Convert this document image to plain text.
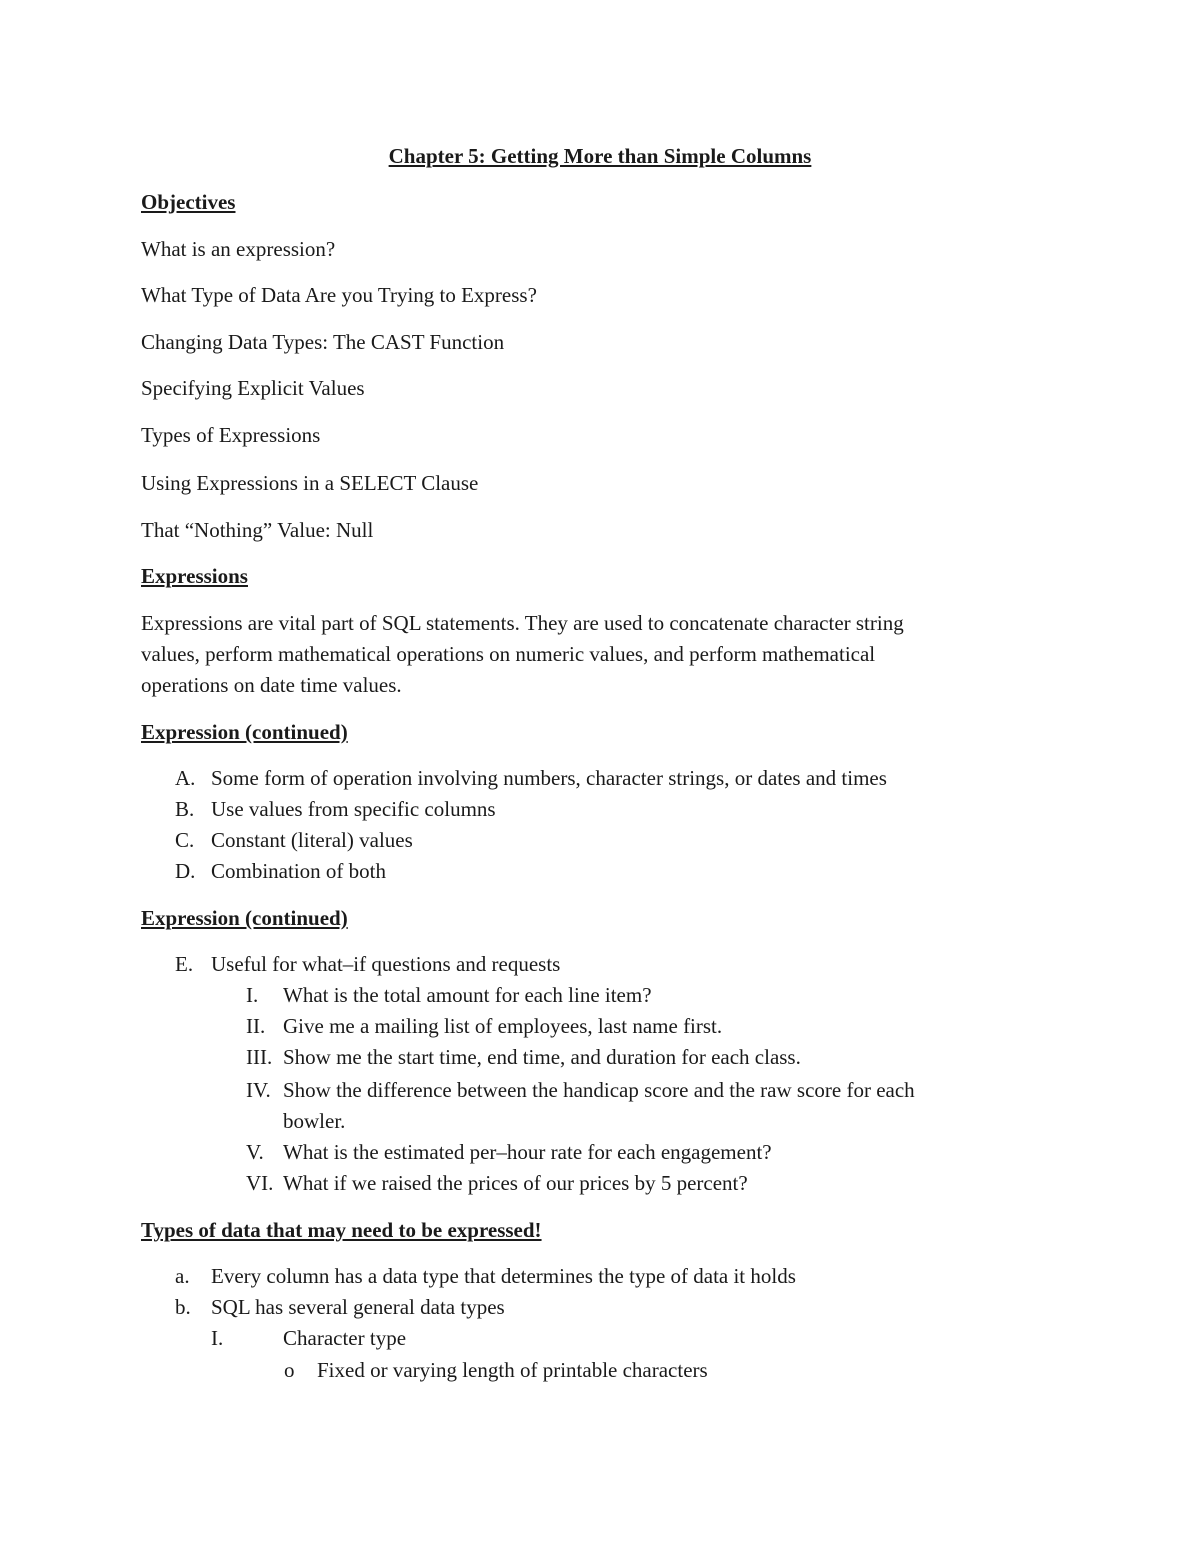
Chapter 5: Getting More than Simple Columns
Objectives
What is an expression?
What Type of Data Are you Trying to Express?
Changing Data Types: The CAST Function
Specifying Explicit Values
Types of Expressions
Using Expressions in a SELECT Clause
That “Nothing” Value: Null
Expressions
Expressions are vital part of SQL statements. They are used to concatenate character string
values, perform mathematical operations on numeric values, and perform mathematical
operations on date time values.
Expression (continued)
A. Some form of operation involving numbers, character strings, or dates and times
B. Use values from specific columns
C. Constant (literal) values
D. Combination of both
Expression (continued)
E. Useful for what–if questions and requests
I. What is the total amount for each line item?
II. Give me a mailing list of employees, last name first.
III. Show me the start time, end time, and duration for each class.
IV. Show the difference between the handicap score and the raw score for each
bowler.
V. What is the estimated per–hour rate for each engagement?
VI. What if we raised the prices of our prices by 5 percent?
Types of data that may need to be expressed!
a. Every column has a data type that determines the type of data it holds
b. SQL has several general data types
I.	Character type
o Fixed or varying length of printable characters
